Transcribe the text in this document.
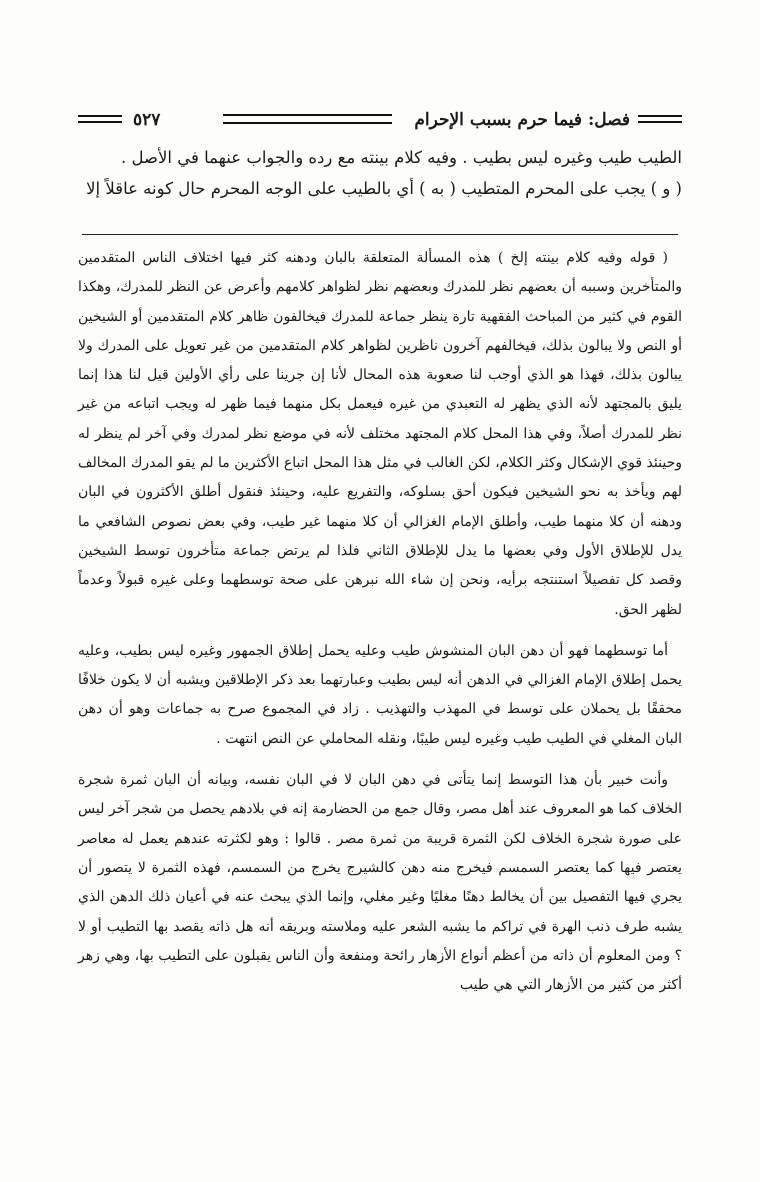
فصل: فيما حرم بسبب الإحرام
٥٢٧

الطيب طيب وغيره ليس بطيب . وفيه كلام بينته مع رده والجواب عنهما في الأصل .

( و ) يجب على المحرم المتطيب ( به ) أي بالطيب على الوجه المحرم حال كونه عاقلاً إلا

( قوله وفيه كلام بينته إلخ ) هذه المسألة المتعلقة بالبان ودهنه كثر فيها اختلاف الناس المتقدمين والمتأخرين وسببه أن بعضهم نظر للمدرك وبعضهم نظر لظواهر كلامهم وأعرض عن النظر للمدرك، وهكذا القوم في كثير من المباحث الفقهية تارة ينظر جماعة للمدرك فيخالفون ظاهر كلام المتقدمين أو الشيخين أو النص ولا يبالون بذلك، فيخالفهم آخرون ناظرين لظواهر كلام المتقدمين من غير تعويل على المدرك ولا يبالون بذلك، فهذا هو الذي أوجب لنا صعوبة هذه المحال لأنا إن جرينا على رأي الأولين قيل لنا هذا إنما يليق بالمجتهد لأنه الذي يظهر له التعبدي من غيره فيعمل بكل منهما فيما ظهر له ويجب اتباعه من غير نظر للمدرك أصلاً، وفي هذا المحل كلام المجتهد مختلف لأنه في موضع نظر لمدرك وفي آخر لم ينظر له وحينئذ قوي الإشكال وكثر الكلام، لكن الغالب في مثل هذا المحل اتباع الأكثرين ما لم يقو المدرك المخالف لهم ويأخذ به نحو الشيخين فيكون أحق بسلوكه، والتفريع عليه، وحينئذ فنقول أطلق الأكثرون في البان ودهنه أن كلا منهما طيب، وأطلق الإمام الغزالي أن كلا منهما غير طيب، وفي بعض نصوص الشافعي ما يدل للإطلاق الأول وفي بعضها ما يدل للإطلاق الثاني فلذا لم يرتض جماعة متأخرون توسط الشيخين وقصد كل تفصيلاً استنتجه برأيه، ونحن إن شاء الله نبرهن على صحة توسطهما وعلى غيره قبولاً وعدماً لظهر الحق.

أما توسطهما فهو أن دهن البان المنشوش طيب وعليه يحمل إطلاق الجمهور وغيره ليس بطيب، وعليه يحمل إطلاق الإمام الغزالي في الدهن أنه ليس بطيب وعبارتهما بعد ذكر الإطلاقين ويشبه أن لا يكون خلافًا محققًا بل يحملان على توسط في المهذب والتهذيب . زاد في المجموع صرح به جماعات وهو أن دهن البان المغلي في الطيب طيب وغيره ليس طيبًا، ونقله المحاملي عن النص انتهت .

وأنت خبير بأن هذا التوسط إنما يتأتى في دهن البان لا في البان نفسه، وبيانه أن البان ثمرة شجرة الخلاف كما هو المعروف عند أهل مصر، وقال جمع من الحضارمة إنه في بلادهم يحصل من شجر آخر ليس على صورة شجرة الخلاف لكن الثمرة قريبة من ثمرة مصر . قالوا : وهو لكثرته عندهم يعمل له معاصر يعتصر فيها كما يعتصر السمسم فيخرج منه دهن كالشيرج يخرج من السمسم، فهذه الثمرة لا يتصور أن يجري فيها التفصيل بين أن يخالط دهنًا مغليًا وغير مغلي، وإنما الذي يبحث عنه في أعيان ذلك الدهن الذي يشبه طرف ذنب الهرة في تراكم ما يشبه الشعر عليه وملاسته وبريقه أنه هل ذاته يقصد بها التطيب أو لا ؟ ومن المعلوم أن ذاته من أعظم أنواع الأزهار رائحة ومنفعة وأن الناس يقبلون على التطيب بها، وهي زهر أكثر من كثير من الأزهار التي هي طيب
